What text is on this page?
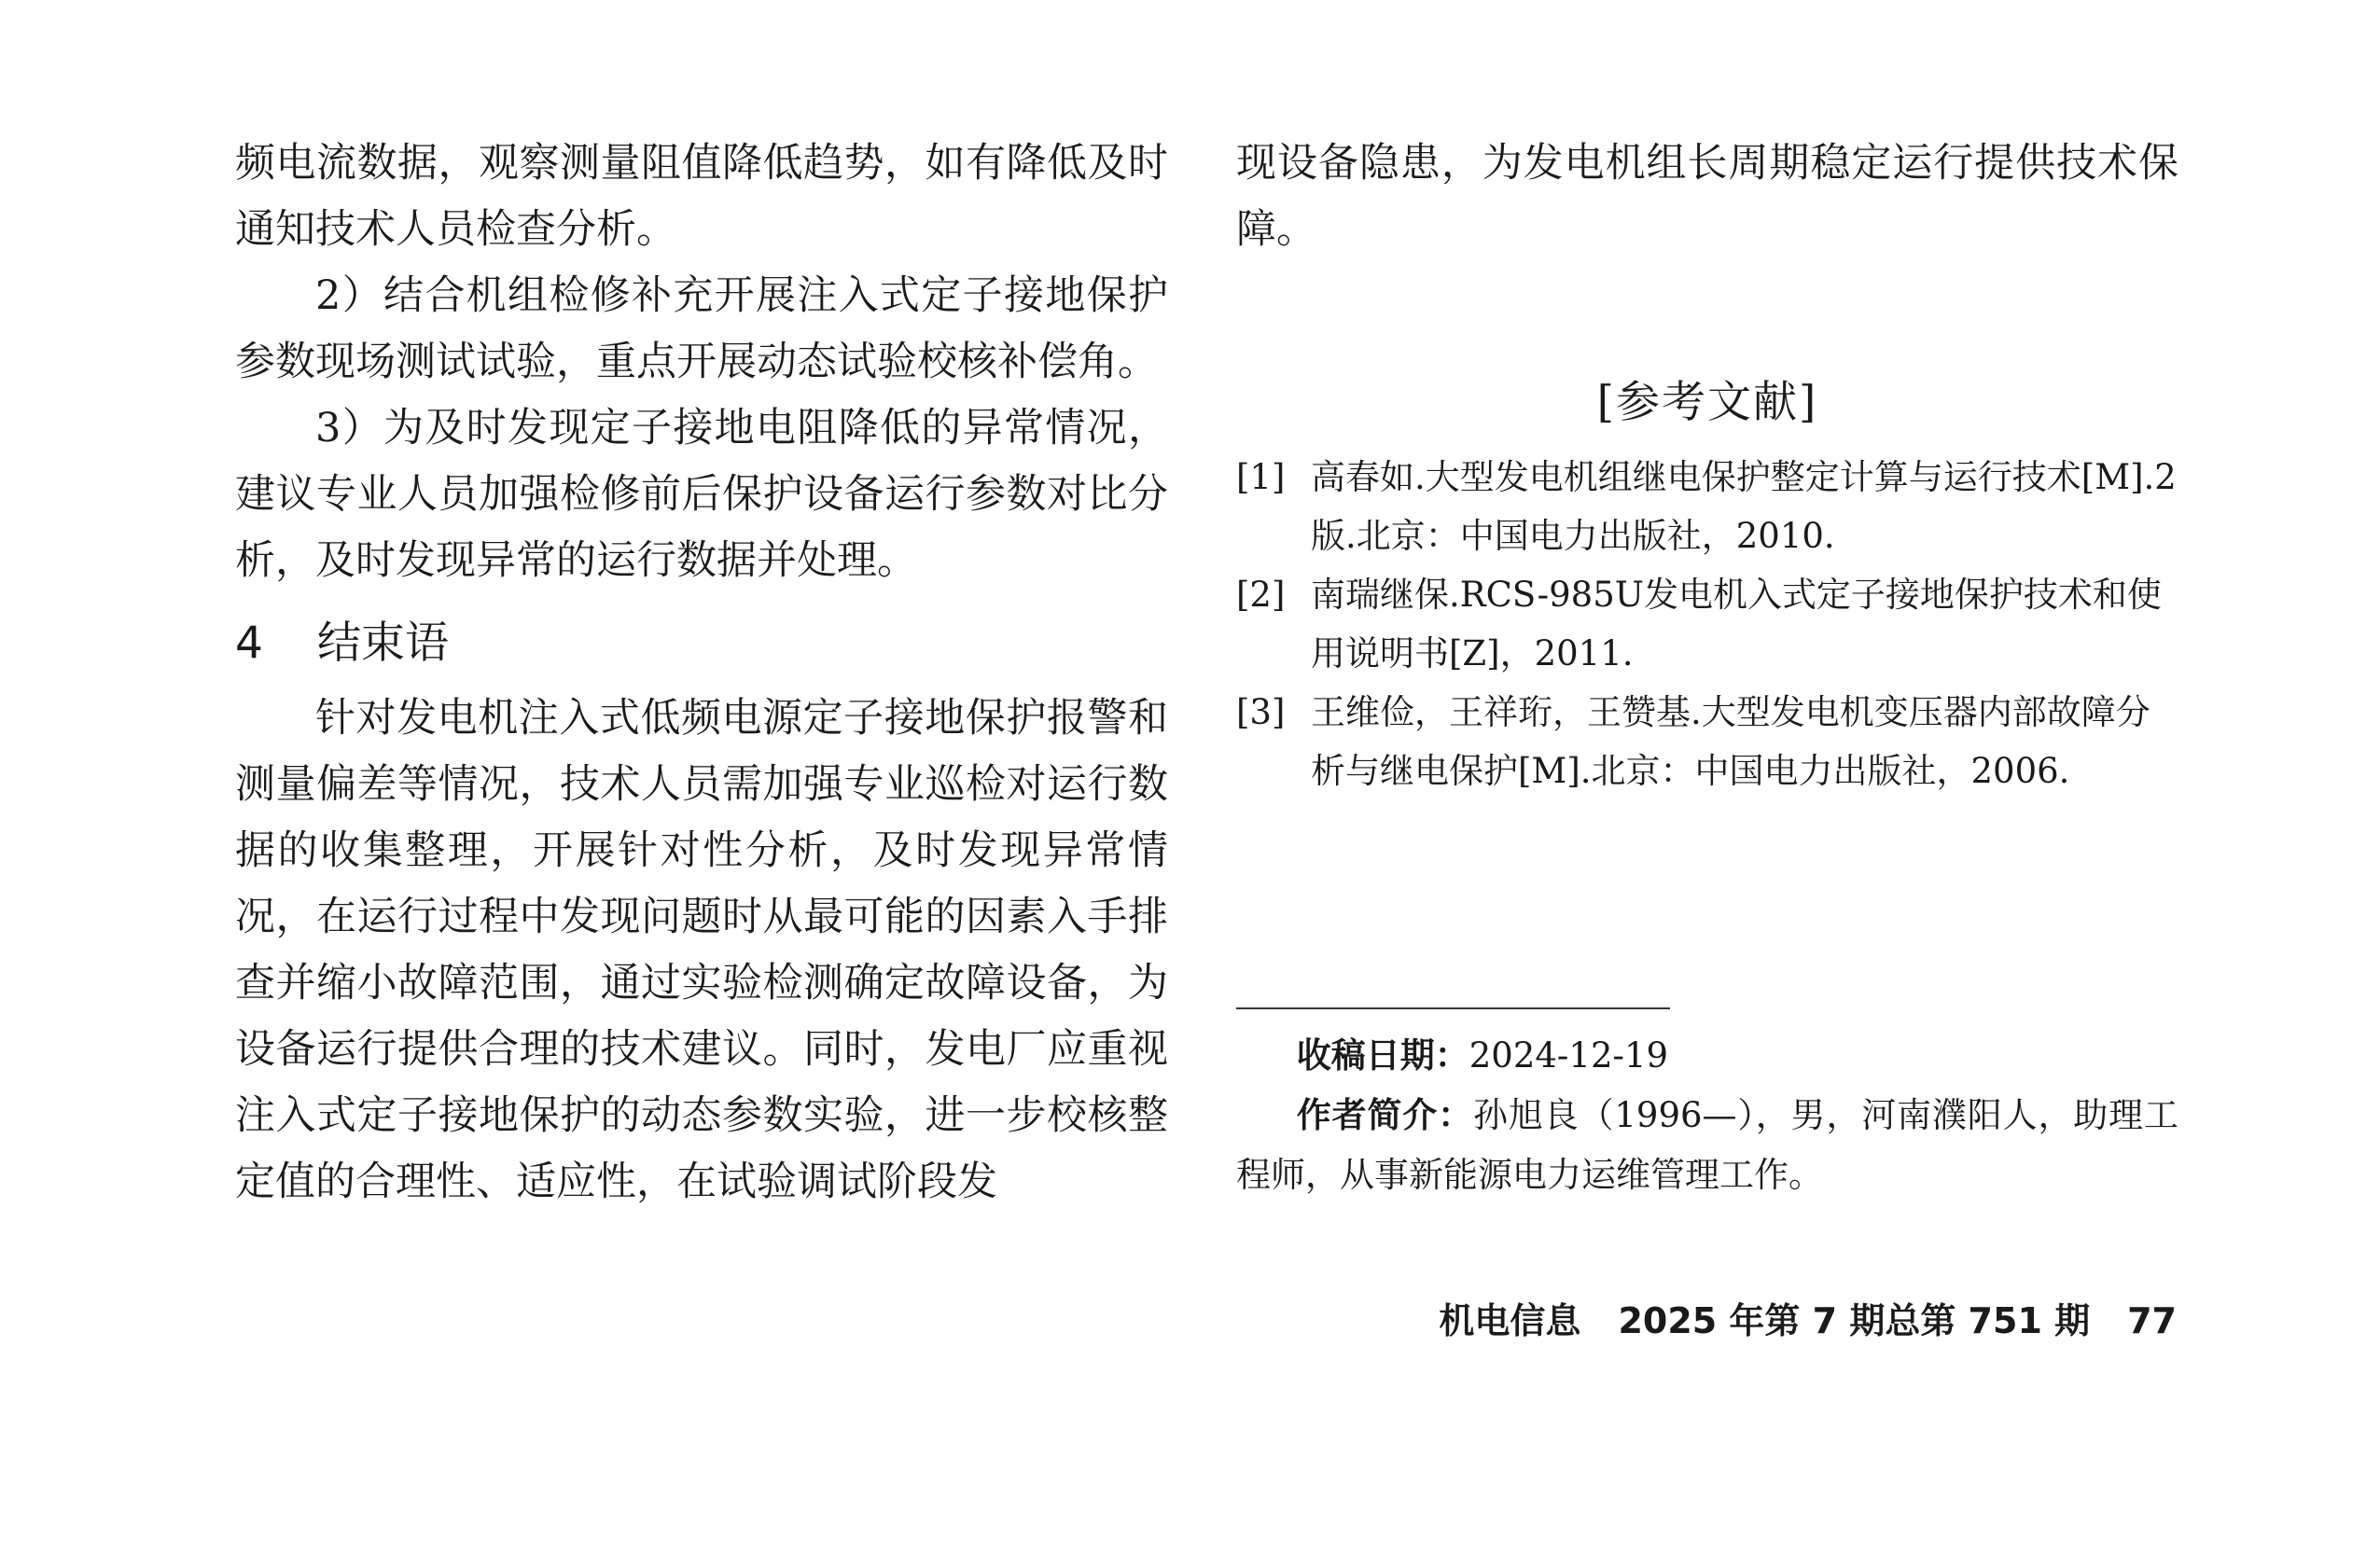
频电流数据，观察测量阻值降低趋势，如有降低及时通知技术人员检查分析。

2）结合机组检修补充开展注入式定子接地保护参数现场测试试验，重点开展动态试验校核补偿角。

3）为及时发现定子接地电阻降低的异常情况，建议专业人员加强检修前后保护设备运行参数对比分析，及时发现异常的运行数据并处理。

4 结束语

针对发电机注入式低频电源定子接地保护报警和测量偏差等情况，技术人员需加强专业巡检对运行数据的收集整理，开展针对性分析，及时发现异常情况，在运行过程中发现问题时从最可能的因素入手排查并缩小故障范围，通过实验检测确定故障设备，为设备运行提供合理的技术建议。同时，发电厂应重视注入式定子接地保护的动态参数实验，进一步校核整定值的合理性、适应性，在试验调试阶段发

现设备隐患，为发电机组长周期稳定运行提供技术保障。

[参考文献]

[1] 高春如.大型发电机组继电保护整定计算与运行技术[M].2版.北京：中国电力出版社，2010.

[2] 南瑞继保.RCS-985U发电机入式定子接地保护技术和使用说明书[Z]，2011.

[3] 王维俭，王祥珩，王赞基.大型发电机变压器内部故障分析与继电保护[M].北京：中国电力出版社，2006.

收稿日期：2024-12-19

作者简介：孙旭良（1996—），男，河南濮阳人，助理工程师，从事新能源电力运维管理工作。

机电信息 2025 年第 7 期总第 751 期 77
